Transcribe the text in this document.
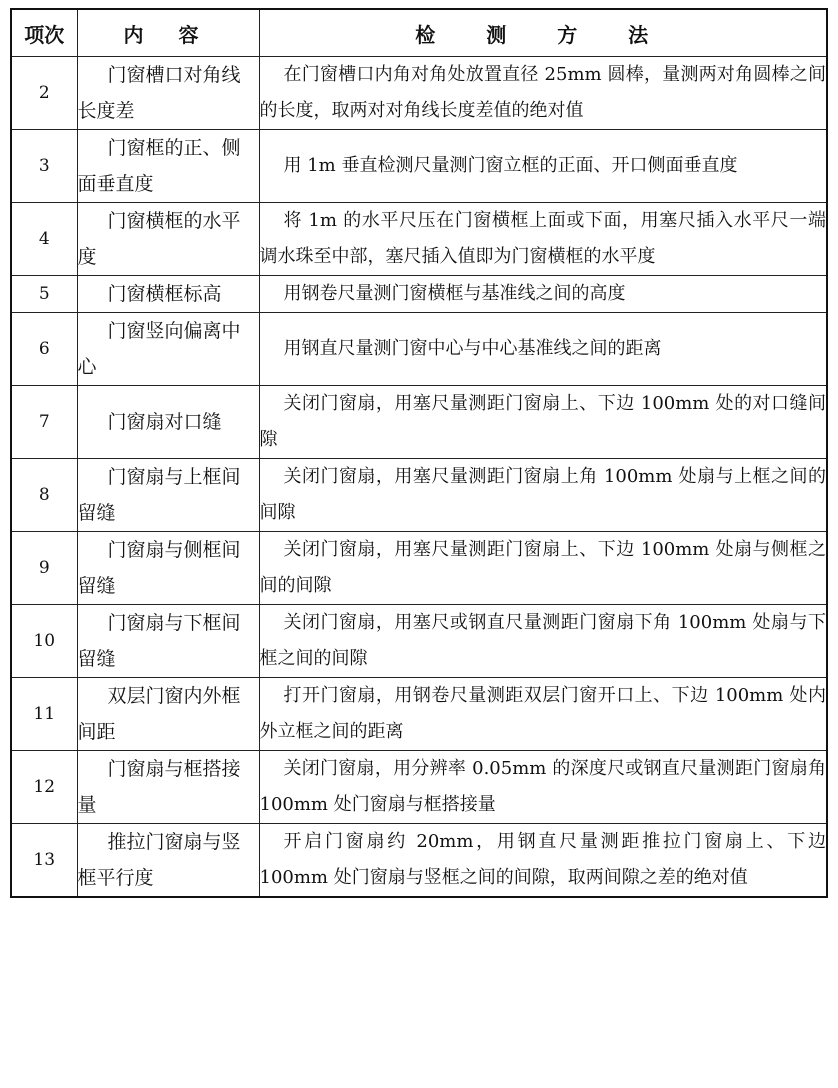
项次	内 容	检 测 方 法
2	门窗槽口对角线长度差	在门窗槽口内角对角处放置直径 25mm 圆棒，量测两对角圆棒之间的长度，取两对对角线长度差值的绝对值
3	门窗框的正、侧面垂直度	用 1m 垂直检测尺量测门窗立框的正面、开口侧面垂直度
4	门窗横框的水平度	将 1m 的水平尺压在门窗横框上面或下面，用塞尺插入水平尺一端调水珠至中部，塞尺插入值即为门窗横框的水平度
5	门窗横框标高	用钢卷尺量测门窗横框与基准线之间的高度
6	门窗竖向偏离中心	用钢直尺量测门窗中心与中心基准线之间的距离
7	门窗扇对口缝	关闭门窗扇，用塞尺量测距门窗扇上、下边 100mm 处的对口缝间隙
8	门窗扇与上框间留缝	关闭门窗扇，用塞尺量测距门窗扇上角 100mm 处扇与上框之间的间隙
9	门窗扇与侧框间留缝	关闭门窗扇，用塞尺量测距门窗扇上、下边 100mm 处扇与侧框之间的间隙
10	门窗扇与下框间留缝	关闭门窗扇，用塞尺或钢直尺量测距门窗扇下角 100mm 处扇与下框之间的间隙
11	双层门窗内外框间距	打开门窗扇，用钢卷尺量测距双层门窗开口上、下边 100mm 处内外立框之间的距离
12	门窗扇与框搭接量	关闭门窗扇，用分辨率 0.05mm 的深度尺或钢直尺量测距门窗扇角 100mm 处门窗扇与框搭接量
13	推拉门窗扇与竖框平行度	开启门窗扇约 20mm，用钢直尺量测距推拉门窗扇上、下边 100mm 处门窗扇与竖框之间的间隙，取两间隙之差的绝对值
